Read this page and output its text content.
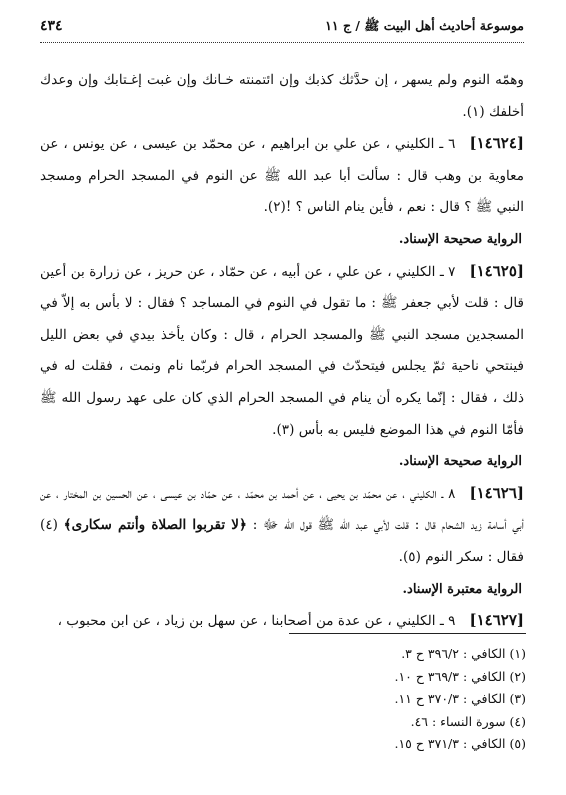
موسوعة أحاديث أهل البيت ﷺ / ج ١١
٤٣٤

وهمّه النوم ولم يسهر ، إن حدَّثك كذبك وإن ائتمنته خـانك وإن غبت إغـتابك وإن وعدك أخلفك (١).

[١٤٦٢٤]٦ ـ الكليني ، عن علي بن ابراهيم ، عن محمّد بن عيسى ، عن يونس ، عن معاوية بن وهب قال : سألت أبا عبد الله ﷺ عن النوم في المسجد الحرام ومسجد النبي ﷺ ؟ قال : نعم ، فأين ينام الناس ؟ !(٢).

الرواية صحيحة الإسناد.

[١٤٦٢٥]٧ ـ الكليني ، عن علي ، عن أبيه ، عن حمّاد ، عن حريز ، عن زرارة بن أعين قال : قلت لأبي جعفر ﷺ : ما تقول في النوم في المساجد ؟ فقال : لا بأس به إلاّ في المسجدين مسجد النبي ﷺ والمسجد الحرام ، قال : وكان يأخذ بيدي في بعض الليل فينتحي ناحية ثمّ يجلس فيتحدّث في المسجد الحرام فربّما نام ونمت ، فقلت له في ذلك ، فقال : إنّما يكره أن ينام في المسجد الحرام الذي كان على عهد رسول الله ﷺ فأمّا النوم في هذا الموضع فليس به بأس (٣).

الرواية صحيحة الإسناد.

[١٤٦٢٦]٨ ـ الكليني ، عن محمّد بن يحيى ، عن أحمد بن محمّد ، عن حمّاد بن عيسى ، عن الحسين بن المختار ، عن أبي أسامة زيد الشحام قال : قلت لأبي عبد الله ﷺ قول الله ﷻ : ﴿لا تقربوا الصلاة وأنتم سكارى﴾ (٤) فقال : سكر النوم (٥).

الرواية معتبرة الإسناد.

[١٤٦٢٧]٩ ـ الكليني ، عن عدة من أصحابنا ، عن سهل بن زياد ، عن ابن محبوب ،

(١) الكافي : ٣٩٦/٢ ح ٣.
(٢) الكافي : ٣٦٩/٣ ح ١٠.
(٣) الكافي : ٣٧٠/٣ ح ١١.
(٤) سورة النساء : ٤٦.
(٥) الكافي : ٣٧١/٣ ح ١٥.
